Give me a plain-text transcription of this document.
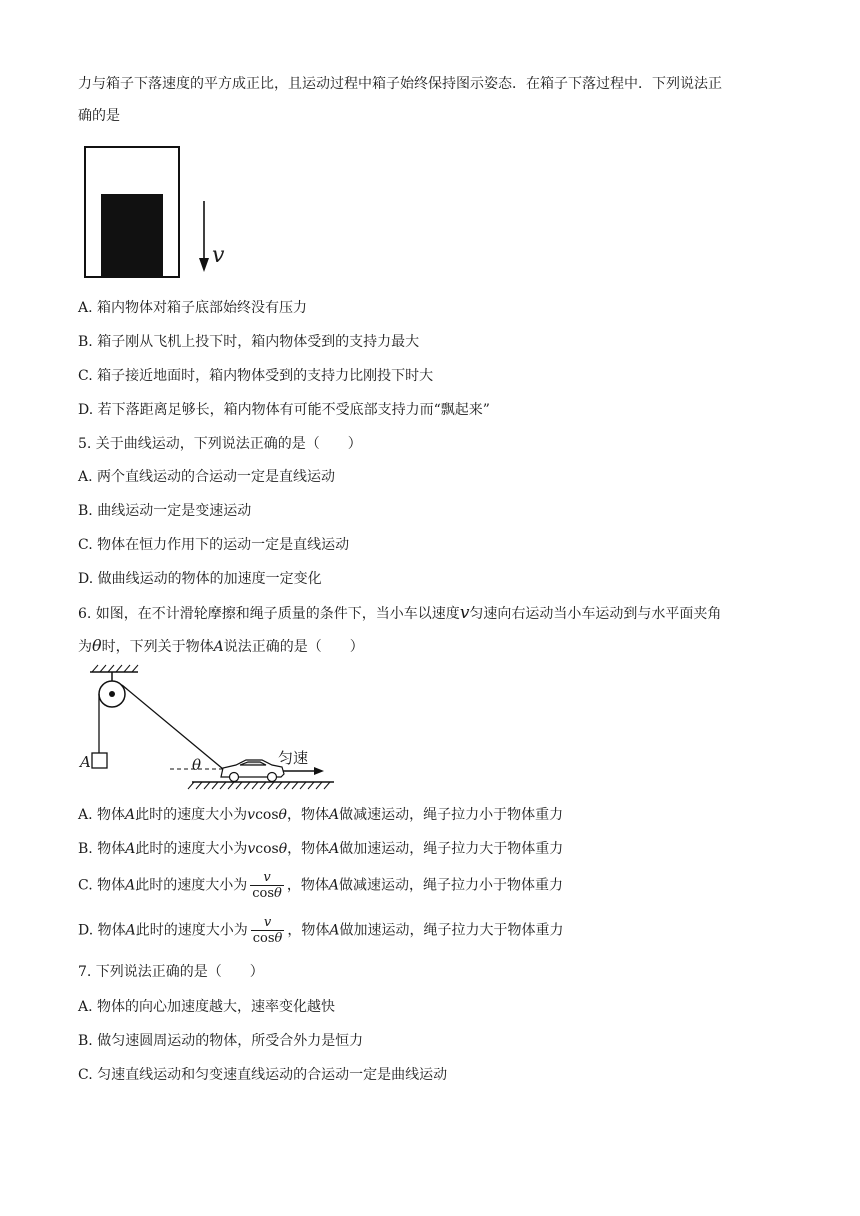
力与箱子下落速度的平方成正比，且运动过程中箱子始终保持图示姿态．在箱子下落过程中．下列说法正
确的是
v
A. 箱内物体对箱子底部始终没有压力
B. 箱子刚从飞机上投下时，箱内物体受到的支持力最大
C. 箱子接近地面时，箱内物体受到的支持力比刚投下时大
D. 若下落距离足够长，箱内物体有可能不受底部支持力而“飘起来”
5. 关于曲线运动，下列说法正确的是（　　）
A. 两个直线运动的合运动一定是直线运动
B. 曲线运动一定是变速运动
C. 物体在恒力作用下的运动一定是直线运动
D. 做曲线运动的物体的加速度一定变化
6. 如图，在不计滑轮摩擦和绳子质量的条件下，当小车以速度v匀速向右运动当小车运动到与水平面夹角
为θ时，下列关于物体A说法正确的是（　　）
A	θ	匀速
A. 物体A此时的速度大小为vcosθ，物体A做减速运动，绳子拉力小于物体重力
B. 物体A此时的速度大小为vcosθ，物体A做加速运动，绳子拉力大于物体重力
C. 物体A此时的速度大小为 $\frac{v}{\cos\theta}$ ，物体A做减速运动，绳子拉力小于物体重力
D. 物体A此时的速度大小为 $\frac{v}{\cos\theta}$ ，物体A做加速运动，绳子拉力大于物体重力
7. 下列说法正确的是（　　）
A. 物体的向心加速度越大，速率变化越快
B. 做匀速圆周运动的物体，所受合外力是恒力
C. 匀速直线运动和匀变速直线运动的合运动一定是曲线运动
